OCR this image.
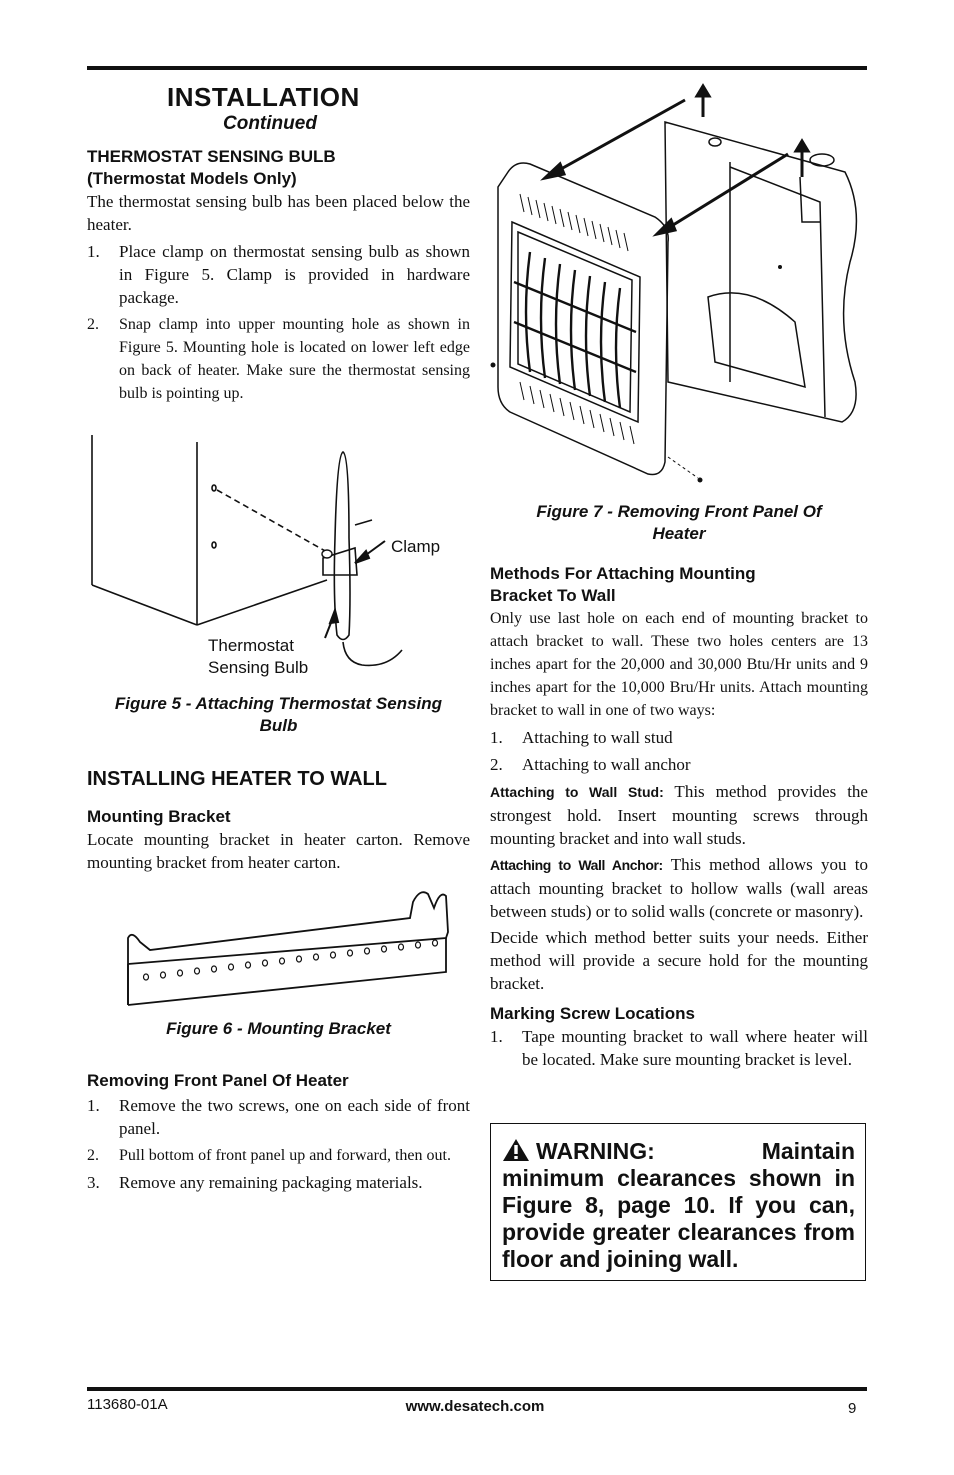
INSTALLATION
Continued

THERMOSTAT SENSING BULB

(Thermostat Models Only)

The thermostat sensing bulb has been placed below the heater.

1.	Place clamp on thermostat sensing bulb as shown in Figure 5. Clamp is provided in hardware package.
2.	Snap clamp into upper mounting hole as shown in Figure 5. Mounting hole is located on lower left edge on back of heater. Make sure the thermostat sensing bulb is pointing up.
Clamp
Thermostat
Sensing Bulb

Figure 5 - Attaching Thermostat Sensing

Bulb

INSTALLING HEATER TO WALL

Mounting Bracket

Locate mounting bracket in heater carton. Remove mounting bracket from heater carton.

Figure 6 - Mounting Bracket

Removing Front Panel Of Heater

1.	Remove the two screws, one on each side of front panel.
2.	Pull bottom of front panel up and forward, then out.
3.	Remove any remaining packaging materials.

Figure 7 - Removing Front Panel Of

Heater

Methods For Attaching Mounting

Bracket To Wall

Only use last hole on each end of mounting bracket to attach bracket to wall. These two holes centers are 13 inches apart for the 20,000 and 30,000 Btu/Hr units and 9 inches apart for the 10,000 Bru/Hr units. Attach mounting bracket to wall in one of two ways:

1.	Attaching to wall stud
2.	Attaching to wall anchor

Attaching to Wall Stud: This method provides the strongest hold. Insert mounting screws through mounting bracket and into wall studs.

Attaching to Wall Anchor: This method allows you to attach mounting bracket to hollow walls (wall areas between studs) or to solid walls (concrete or masonry).

Decide which method better suits your needs. Either method will provide a secure hold for the mounting bracket.

Marking Screw Locations

1.	Tape mounting bracket to wall where heater will be located. Make sure mounting bracket is level.

WARNING: Maintain minimum clearances shown in Figure 8, page 10. If you can, provide greater clearances from floor and joining wall.

113680-01A	www.desatech.com	9
